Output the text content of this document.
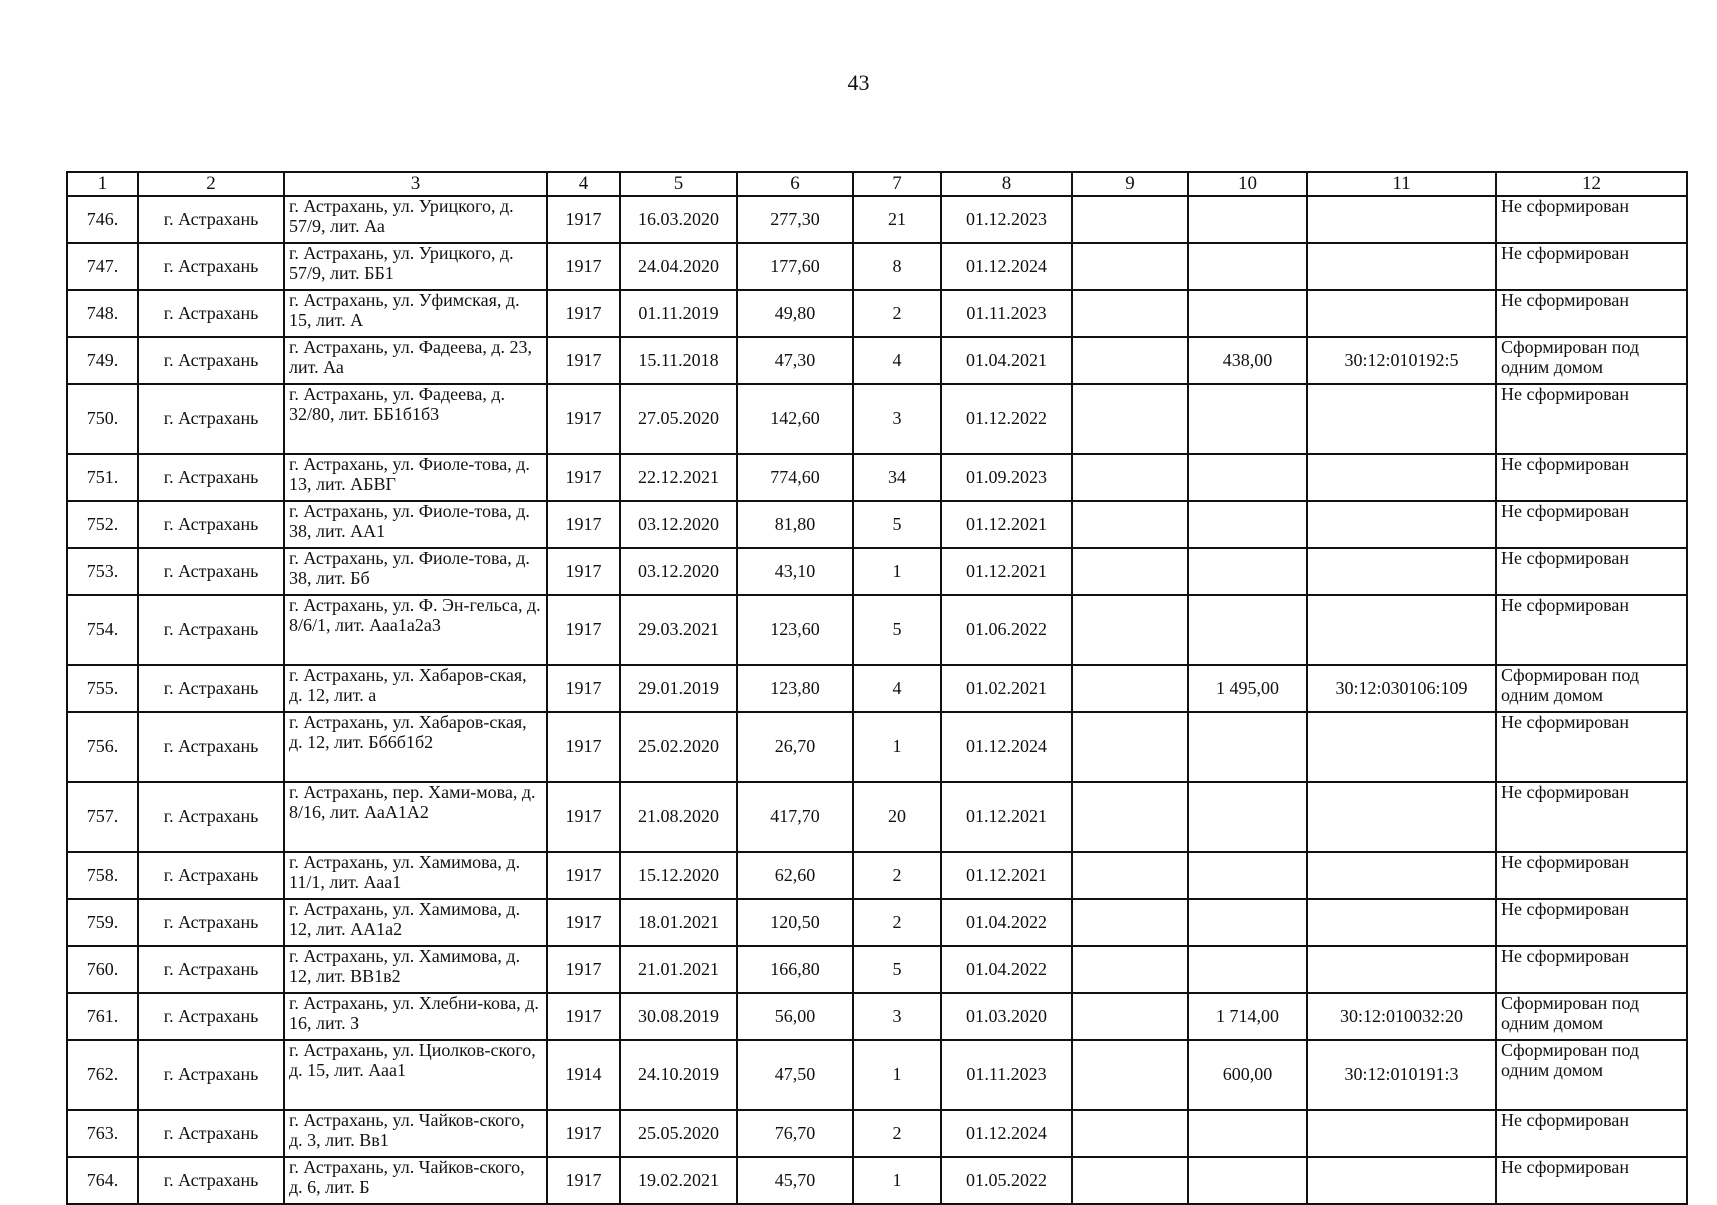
43
1	2	3	4	5	6	7	8	9	10	11	12
746.	г. Астрахань	г. Астрахань, ул. Урицкого, д. 57/9, лит. Аа	1917	16.03.2020	277,30	21	01.12.2023				Не сформирован
747.	г. Астрахань	г. Астрахань, ул. Урицкого, д. 57/9, лит. ББ1	1917	24.04.2020	177,60	8	01.12.2024				Не сформирован
748.	г. Астрахань	г. Астрахань, ул. Уфимская, д. 15, лит. А	1917	01.11.2019	49,80	2	01.11.2023				Не сформирован
749.	г. Астрахань	г. Астрахань, ул. Фадеева, д. 23, лит. Аа	1917	15.11.2018	47,30	4	01.04.2021		438,00	30:12:010192:5	Сформирован под одним домом
750.	г. Астрахань	г. Астрахань, ул. Фадеева, д. 32/80, лит. ББ1б1б3	1917	27.05.2020	142,60	3	01.12.2022				Не сформирован
751.	г. Астрахань	г. Астрахань, ул. Фиоле-това, д. 13, лит. АБВГ	1917	22.12.2021	774,60	34	01.09.2023				Не сформирован
752.	г. Астрахань	г. Астрахань, ул. Фиоле-това, д. 38, лит. АА1	1917	03.12.2020	81,80	5	01.12.2021				Не сформирован
753.	г. Астрахань	г. Астрахань, ул. Фиоле-това, д. 38, лит. Бб	1917	03.12.2020	43,10	1	01.12.2021				Не сформирован
754.	г. Астрахань	г. Астрахань, ул. Ф. Эн-гельса, д. 8/6/1, лит. Ааа1а2а3	1917	29.03.2021	123,60	5	01.06.2022				Не сформирован
755.	г. Астрахань	г. Астрахань, ул. Хабаров-ская, д. 12, лит. а	1917	29.01.2019	123,80	4	01.02.2021		1 495,00	30:12:030106:109	Сформирован под одним домом
756.	г. Астрахань	г. Астрахань, ул. Хабаров-ская, д. 12, лит. Бб6б1б2	1917	25.02.2020	26,70	1	01.12.2024				Не сформирован
757.	г. Астрахань	г. Астрахань, пер. Хами-мова, д. 8/16, лит. АаА1А2	1917	21.08.2020	417,70	20	01.12.2021				Не сформирован
758.	г. Астрахань	г. Астрахань, ул. Хамимова, д. 11/1, лит. Ааа1	1917	15.12.2020	62,60	2	01.12.2021				Не сформирован
759.	г. Астрахань	г. Астрахань, ул. Хамимова, д. 12, лит. АА1а2	1917	18.01.2021	120,50	2	01.04.2022				Не сформирован
760.	г. Астрахань	г. Астрахань, ул. Хамимова, д. 12, лит. ВВ1в2	1917	21.01.2021	166,80	5	01.04.2022				Не сформирован
761.	г. Астрахань	г. Астрахань, ул. Хлебни-кова, д. 16, лит. З	1917	30.08.2019	56,00	3	01.03.2020		1 714,00	30:12:010032:20	Сформирован под одним домом
762.	г. Астрахань	г. Астрахань, ул. Циолков-ского, д. 15, лит. Ааа1	1914	24.10.2019	47,50	1	01.11.2023		600,00	30:12:010191:3	Сформирован под одним домом
763.	г. Астрахань	г. Астрахань, ул. Чайков-ского, д. 3, лит. Вв1	1917	25.05.2020	76,70	2	01.12.2024				Не сформирован
764.	г. Астрахань	г. Астрахань, ул. Чайков-ского, д. 6, лит. Б	1917	19.02.2021	45,70	1	01.05.2022				Не сформирован
